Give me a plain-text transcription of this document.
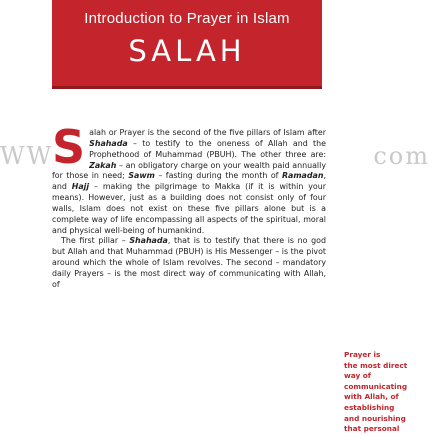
Introduction to Prayer in Islam
SALAH
WW	com
S alah or Prayer is the second of the five pillars of Islam after Shahada – to testify to the oneness of Allah and the Prophethood of Muhammad (PBUH). The other three are: Zakah – an obligatory charge on your wealth paid annually for those in need; Sawm – fasting during the month of Ramadan, and Hajj – making the pilgrimage to Makka (if it is within your means). However, just as a building does not consist only of four walls, Islam does not exist on these five pillars alone but is a complete way of life encompassing all aspects of the spiritual, moral and physical well-being of humankind.

The first pillar – Shahada, that is to testify that there is no god but Allah and that Muhammad (PBUH) is His Messenger – is the pivot around which the whole of Islam revolves. The second – mandatory daily Prayers – is the most direct way of communicating with Allah, of

Prayer is
the most direct
way of
communicating
with Allah, of
establishing
and nourishing
that personal
